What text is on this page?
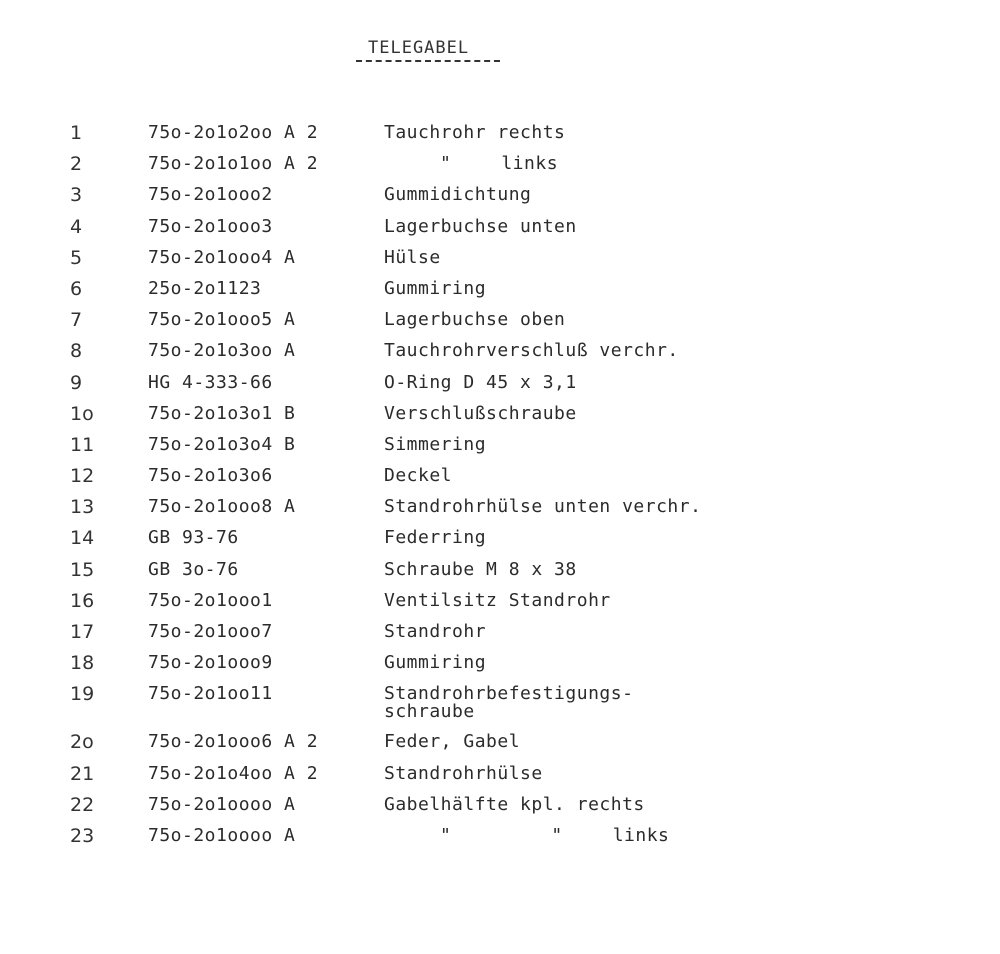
TELEGABEL
1	75o-2o1o2oo A 2	Tauchrohr rechts
2	75o-2o1o1oo A 2	"	links
3	75o-2o1ooo2	Gummidichtung
4	75o-2o1ooo3	Lagerbuchse unten
5	75o-2o1ooo4 A	Hülse
6	25o-2o1123	Gummiring
7	75o-2o1ooo5 A	Lagerbuchse oben
8	75o-2o1o3oo A	Tauchrohrverschluß verchr.
9	HG 4-333-66	O-Ring D 45 x 3,1
1o	75o-2o1o3o1 B	Verschlußschraube
11	75o-2o1o3o4 B	Simmering
12	75o-2o1o3o6	Deckel
13	75o-2o1ooo8 A	Standrohrhülse unten verchr.
14	GB 93-76	Federring
15	GB 3o-76	Schraube M 8 x 38
16	75o-2o1ooo1	Ventilsitz Standrohr
17	75o-2o1ooo7	Standrohr
18	75o-2o1ooo9	Gummiring
19	75o-2o1oo11	Standrohrbefestigungs-
schraube
2o	75o-2o1ooo6 A 2	Feder, Gabel
21	75o-2o1o4oo A 2	Standrohrhülse
22	75o-2o1oooo A	Gabelhälfte kpl. rechts
23	75o-2o1oooo A	"	"	links
